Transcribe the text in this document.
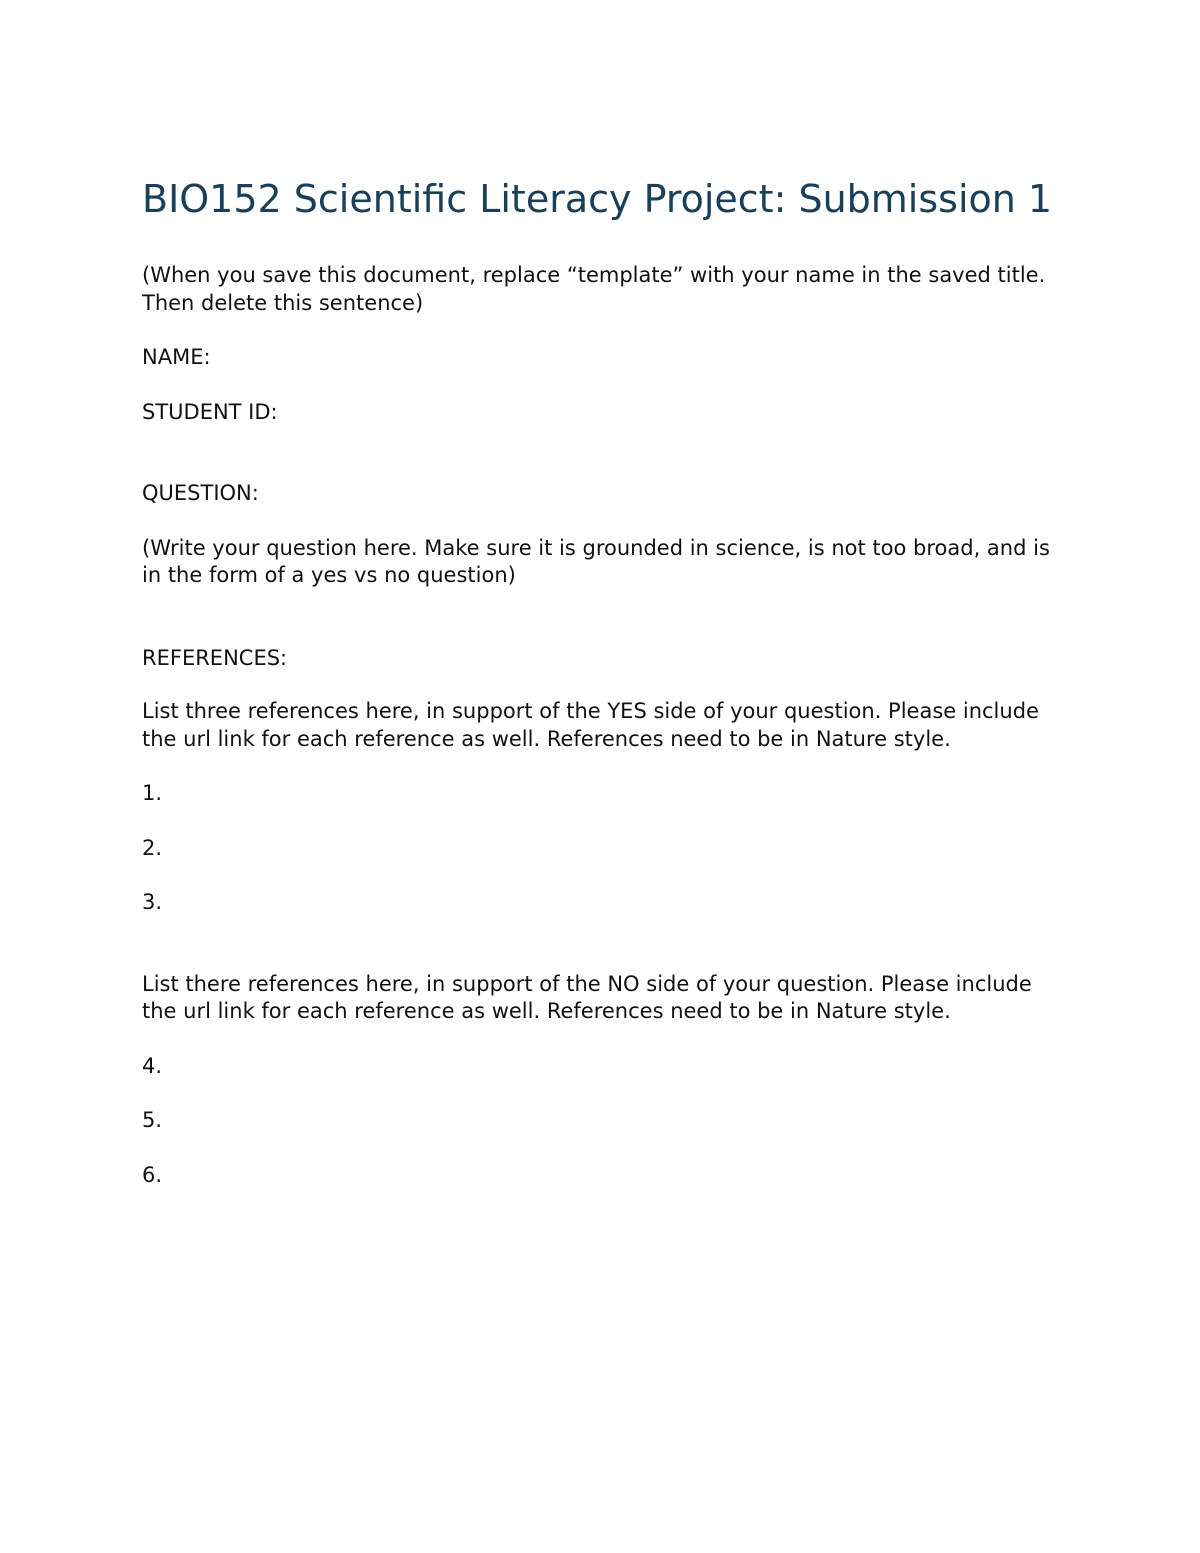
BIO152 Scientific Literacy Project: Submission 1

(When you save this document, replace “template” with your name in the saved title. Then delete this sentence)

NAME:

STUDENT ID:

QUESTION:

(Write your question here. Make sure it is grounded in science, is not too broad, and is in the form of a yes vs no question)

REFERENCES:

List three references here, in support of the YES side of your question. Please include the url link for each reference as well. References need to be in Nature style.

1.

2.

3.

List there references here, in support of the NO side of your question. Please include the url link for each reference as well. References need to be in Nature style.

4.

5.

6.
